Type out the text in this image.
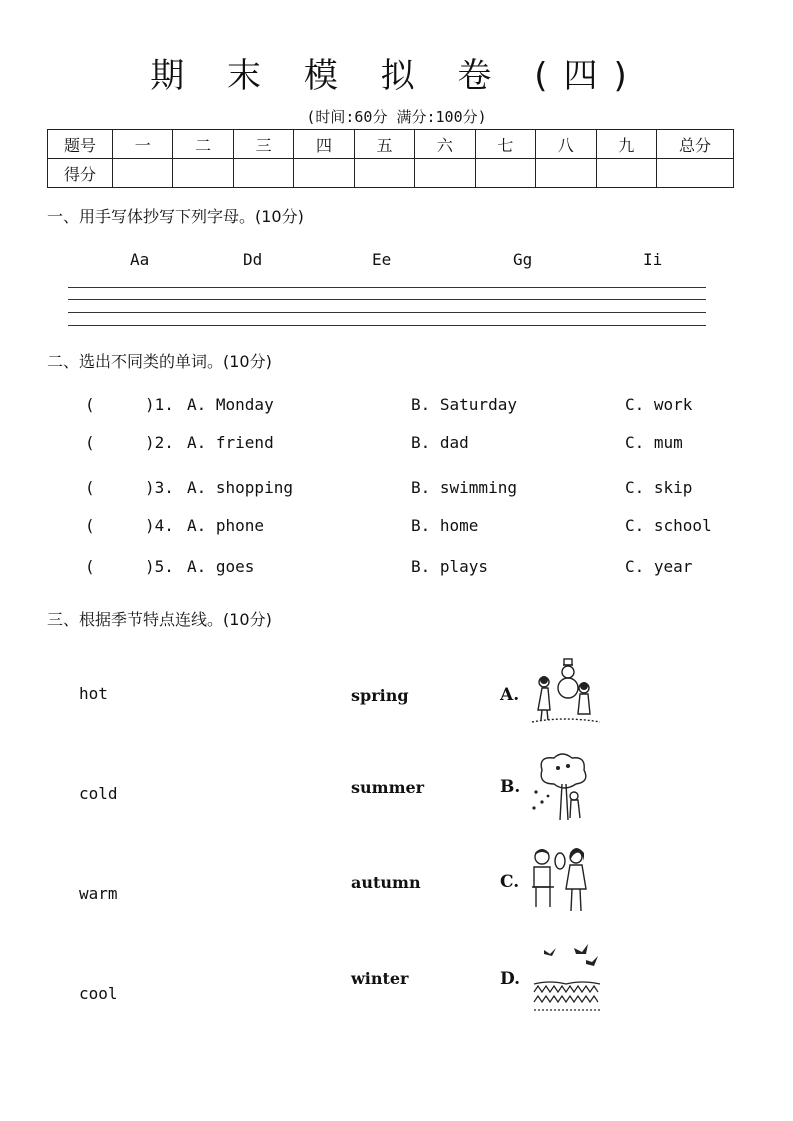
期 末 模 拟 卷 (四)
(时间:60分 满分:100分)
题号	一	二	三	四	五	六	七	八	九	总分
得分										
一、用手写体抄写下列字母。(10分)
Aa	Dd	Ee	Gg	Ii
二、选出不同类的单词。(10分)
(	)1. A. Monday	B. Saturday	C. work
(	)2. A. friend	B. dad	C. mum
(	)3. A. shopping	B. swimming	C. skip
(	)4. A. phone	B. home	C. school
(	)5. A. goes	B. plays	C. year
三、根据季节特点连线。(10分)
hot
cold
warm
cool
spring
summer
autumn
winter
A.
B.
C.
D.
